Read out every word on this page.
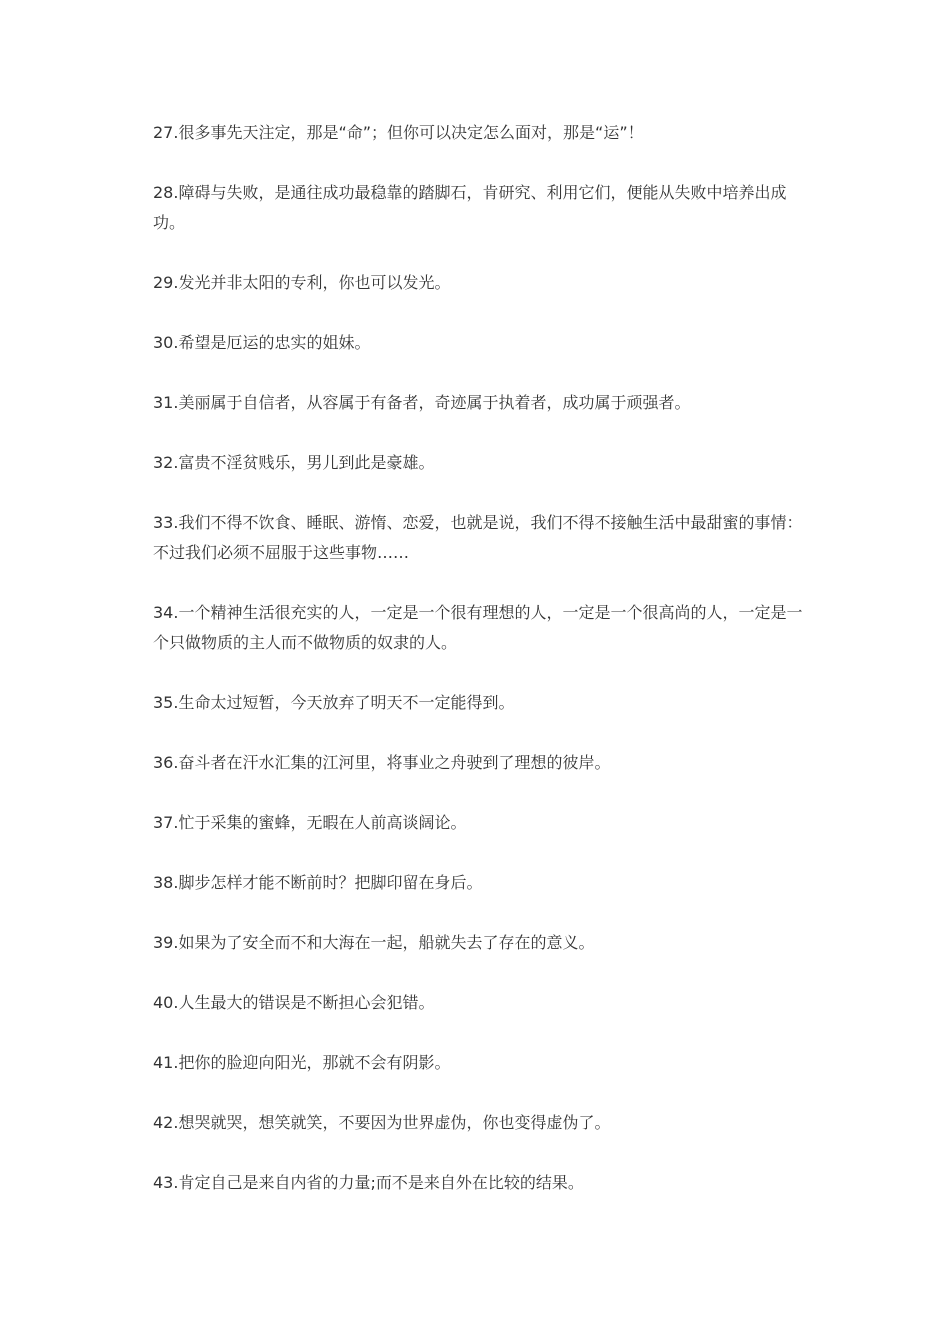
27.很多事先天注定，那是“命”；但你可以决定怎么面对，那是“运”！
28.障碍与失败，是通往成功最稳靠的踏脚石，肯研究、利用它们，便能从失败中培养出成功。
29.发光并非太阳的专利，你也可以发光。
30.希望是厄运的忠实的姐妹。
31.美丽属于自信者，从容属于有备者，奇迹属于执着者，成功属于顽强者。
32.富贵不淫贫贱乐，男儿到此是豪雄。
33.我们不得不饮食、睡眠、游惰、恋爱，也就是说，我们不得不接触生活中最甜蜜的事情：不过我们必须不屈服于这些事物……
34.一个精神生活很充实的人，一定是一个很有理想的人，一定是一个很高尚的人，一定是一个只做物质的主人而不做物质的奴隶的人。
35.生命太过短暂，今天放弃了明天不一定能得到。
36.奋斗者在汗水汇集的江河里，将事业之舟驶到了理想的彼岸。
37.忙于采集的蜜蜂，无暇在人前高谈阔论。
38.脚步怎样才能不断前时？把脚印留在身后。
39.如果为了安全而不和大海在一起，船就失去了存在的意义。
40.人生最大的错误是不断担心会犯错。
41.把你的脸迎向阳光，那就不会有阴影。
42.想哭就哭，想笑就笑，不要因为世界虚伪，你也变得虚伪了。
43.肯定自己是来自内省的力量;而不是来自外在比较的结果。
